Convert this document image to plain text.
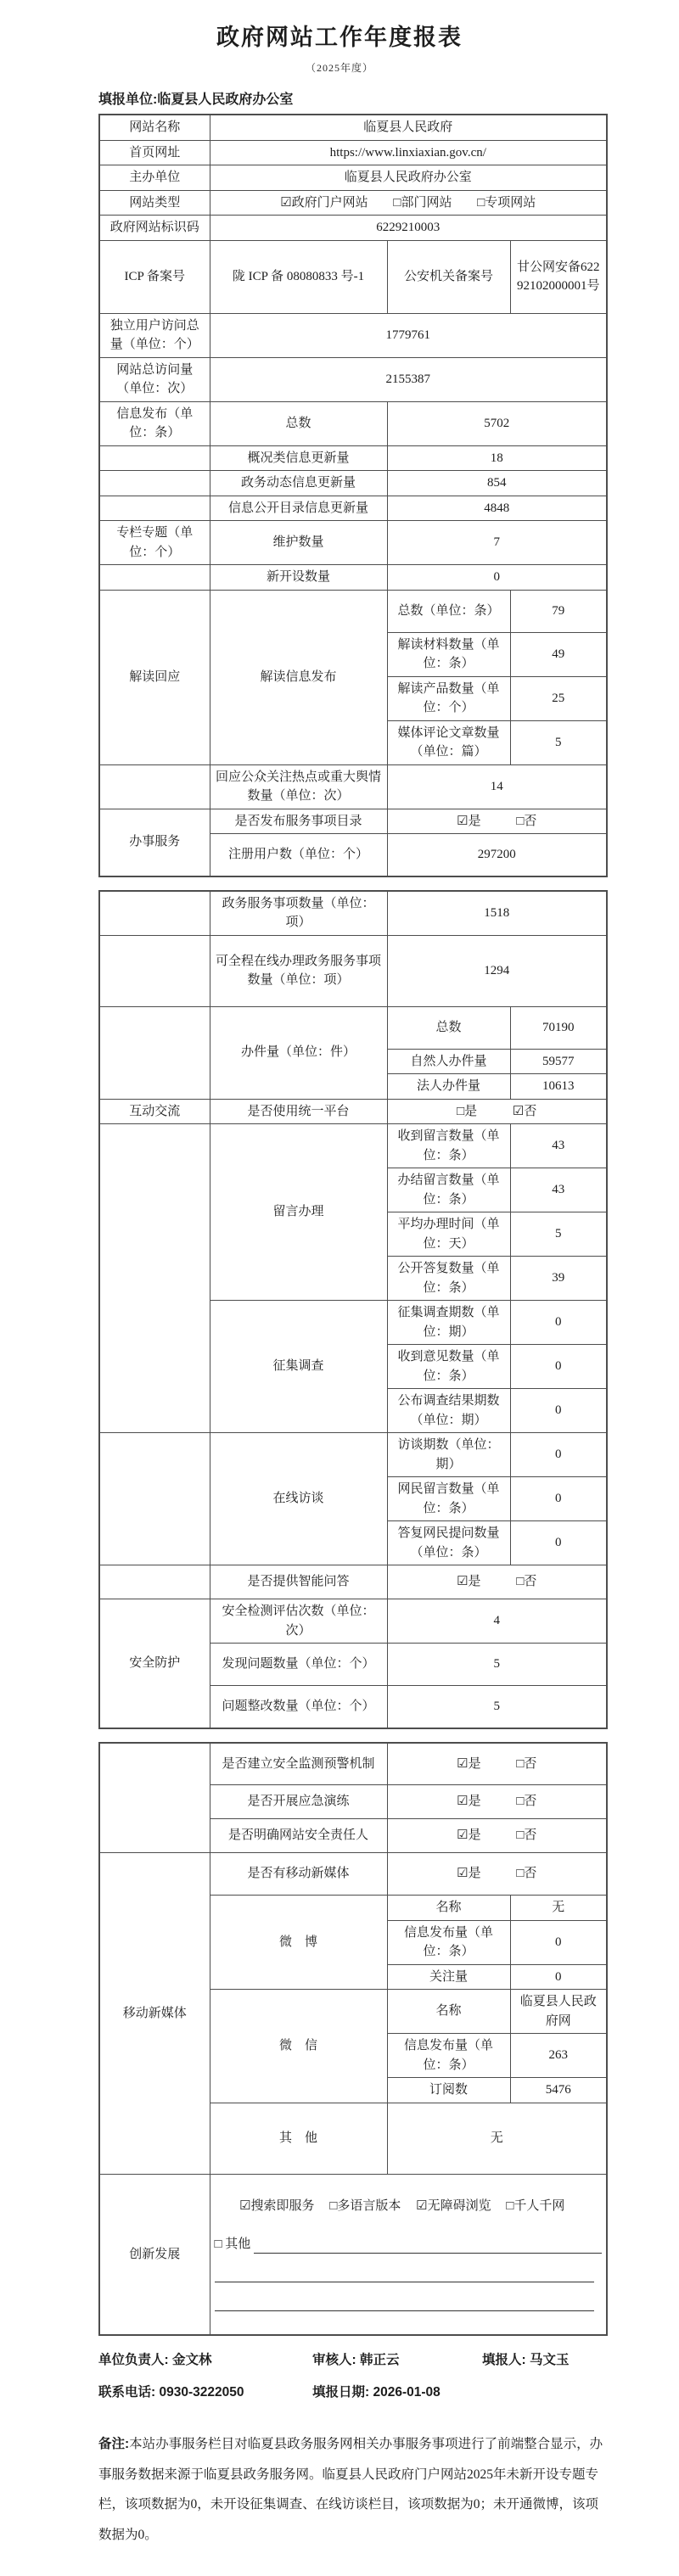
政府网站工作年度报表
（2025年度）
填报单位:临夏县人民政府办公室
网站名称	临夏县人民政府		
首页网址	https://www.linxiaxian.gov.cn/		
主办单位	临夏县人民政府办公室		
网站类型	☑政府门户网站 □部门网站 □专项网站		
政府网站标识码	6229210003		
ICP 备案号	陇 ICP 备 08080833 号-1	公安机关备案号	甘公网安备62292102000001号
独立用户访问总量（单位：个）	1779761		
网站总访问量（单位：次）	2155387		
信息发布（单位：条）	总数	5702	
	概况类信息更新量	18	
	政务动态信息更新量	854	
	信息公开目录信息更新量	4848	
专栏专题（单位：个）	维护数量	7	
	新开设数量	0	
解读回应	解读信息发布	总数（单位：条）	79
		解读材料数量（单位：条）	49
		解读产品数量（单位：个）	25
		媒体评论文章数量（单位：篇）	5
	回应公众关注热点或重大舆情数量（单位：次）	14	
办事服务	是否发布服务事项目录	☑是 □否	
	注册用户数（单位：个）	297200	
	政务服务事项数量（单位：项）	1518	
	可全程在线办理政务服务事项数量（单位：项）	1294	
	办件量（单位：件）	总数	70190
		自然人办件量	59577
		法人办件量	10613
互动交流	是否使用统一平台	□是 ☑否	
	留言办理	收到留言数量（单位：条）	43
		办结留言数量（单位：条）	43
		平均办理时间（单位：天）	5
		公开答复数量（单位：条）	39
	征集调查	征集调查期数（单位：期）	0
		收到意见数量（单位：条）	0
		公布调查结果期数（单位：期）	0
	在线访谈	访谈期数（单位：期）	0
		网民留言数量（单位：条）	0
		答复网民提问数量（单位：条）	0
	是否提供智能问答	☑是 □否	
安全防护	安全检测评估次数（单位：次）	4	
	发现问题数量（单位：个）	5	
	问题整改数量（单位：个）	5	
	是否建立安全监测预警机制	☑是 □否	
	是否开展应急演练	☑是 □否	
	是否明确网站安全责任人	☑是 □否	
移动新媒体	是否有移动新媒体	☑是 □否	
	微　博	名称	无
		信息发布量（单位：条）	0
		关注量	0
	微　信	名称	临夏县人民政府网
		信息发布量（单位：条）	263
		订阅数	5476
	其　他	无	
创新发展	☑搜索即服务 □多语言版本 ☑无障碍浏览 □千人千网
□ 其他		
单位负责人: 金文林	审核人: 韩正云	填报人: 马文玉
联系电话: 0930-3222050	填报日期: 2026-01-08

备注:本站办事服务栏目对临夏县政务服务网相关办事服务事项进行了前端整合显示，办事服务数据来源于临夏县政务服务网。临夏县人民政府门户网站2025年未新开设专题专栏，该项数据为0，未开设征集调查、在线访谈栏目，该项数据为0；未开通微博，该项数据为0。
